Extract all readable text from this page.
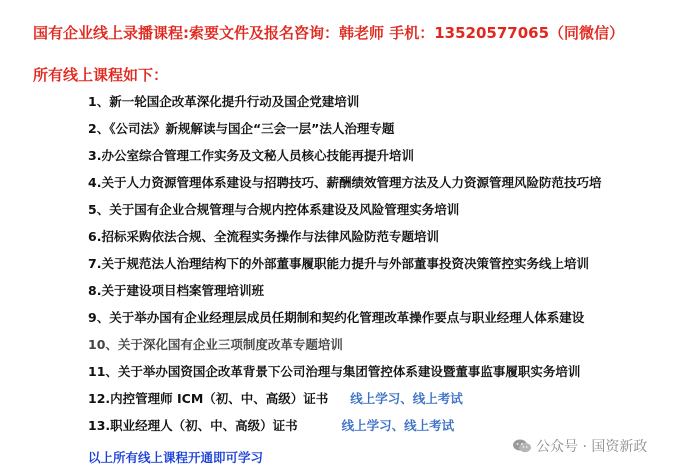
国有企业线上录播课程:索要文件及报名咨询：韩老师 手机：13520577065（同微信）
所有线上课程如下：
1、新一轮国企改革深化提升行动及国企党建培训
2、《公司法》新规解读与国企“三会一层”法人治理专题
3.办公室综合管理工作实务及文秘人员核心技能再提升培训
4.关于人力资源管理体系建设与招聘技巧、薪酬绩效管理方法及人力资源管理风险防范技巧培
5、关于国有企业合规管理与合规内控体系建设及风险管理实务培训
6.招标采购依法合规、全流程实务操作与法律风险防范专题培训
7.关于规范法人治理结构下的外部董事履职能力提升与外部董事投资决策管控实务线上培训
8.关于建设项目档案管理培训班
9、关于举办国有企业经理层成员任期制和契约化管理改革操作要点与职业经理人体系建设
10、关于深化国有企业三项制度改革专题培训
11、关于举办国资国企改革背景下公司治理与集团管控体系建设暨董事监事履职实务培训
12.内控管理师 ICM（初、中、高级）证书 线上学习、线上考试
13.职业经理人（初、中、高级）证书	线上学习、线上考试
以上所有线上课程开通即可学习
公众号 · 国资新政
